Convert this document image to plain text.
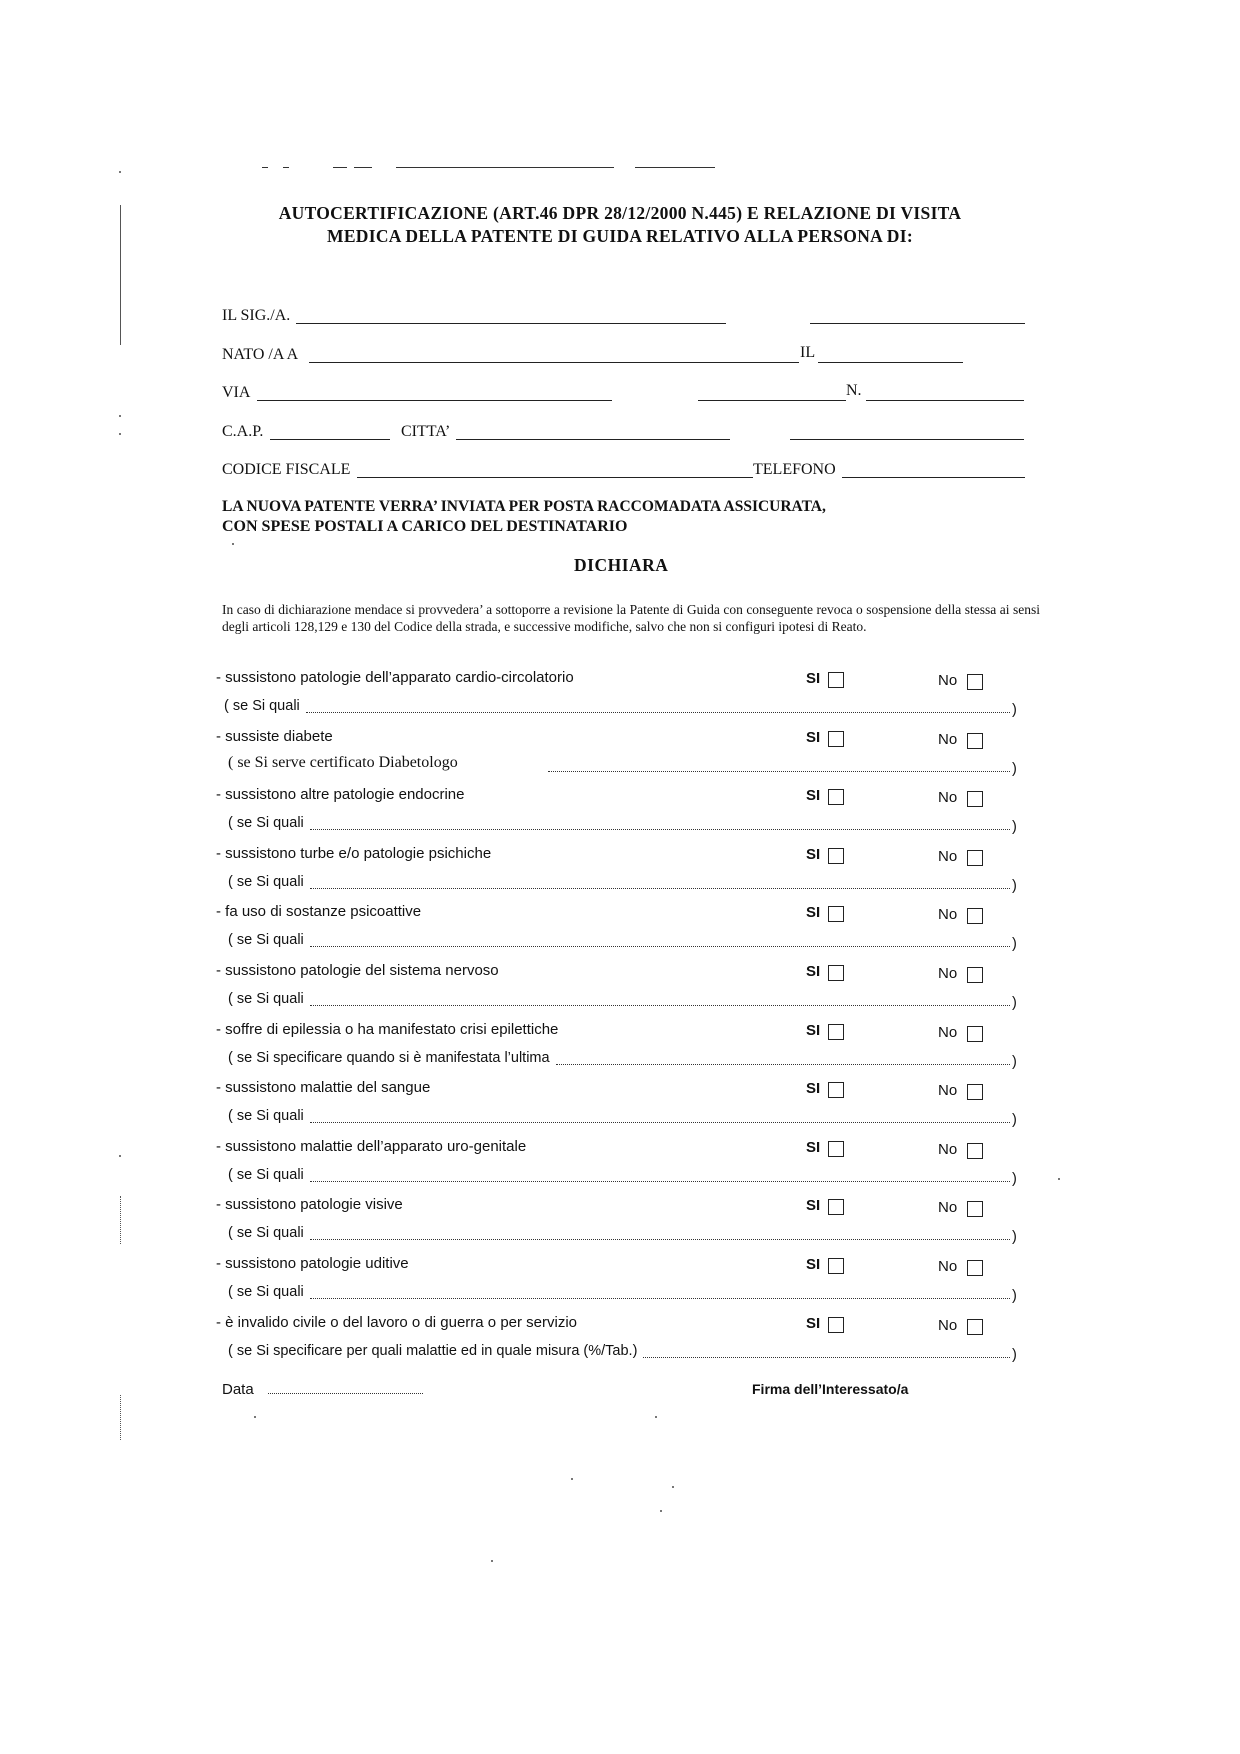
AUTOCERTIFICAZIONE (ART.46 DPR 28/12/2000 N.445) E RELAZIONE DI VISITA
MEDICA DELLA PATENTE DI GUIDA RELATIVO ALLA PERSONA DI:
IL SIG./A.
NATO /A A	IL
VIA	N.
C.A.P.	CITTA’
CODICE FISCALE	TELEFONO
LA NUOVA PATENTE VERRA’ INVIATA PER POSTA RACCOMADATA ASSICURATA,
CON SPESE POSTALI A CARICO DEL DESTINATARIO
DICHIARA
In caso di dichiarazione mendace si provvedera’ a sottoporre a revisione la Patente di Guida con conseguente revoca o sospensione della stessa ai sensi degli articoli 128,129 e 130 del Codice della strada, e successive modifiche, salvo che non si configuri ipotesi di Reato.
- sussistono patologie dell’apparato cardio-circolatorio	SI	No
( se Si quali	)
- sussiste diabete	SI	No
( se Si serve certificato Diabetologo	)
- sussistono altre patologie endocrine	SI	No
( se Si quali	)
- sussistono turbe e/o patologie psichiche	SI	No
( se Si quali	)
- fa uso di sostanze psicoattive	SI	No
( se Si quali	)
- sussistono patologie del sistema nervoso	SI	No
( se Si quali	)
- soffre di epilessia o ha manifestato crisi epilettiche	SI	No
( se Si specificare quando si è manifestata l’ultima	)
- sussistono malattie del sangue	SI	No
( se Si quali	)
- sussistono malattie dell’apparato uro-genitale	SI	No
( se Si quali	)
- sussistono patologie visive	SI	No
( se Si quali	)
- sussistono patologie uditive	SI	No
( se Si quali	)
- è invalido civile o del lavoro o di guerra o per servizio	SI	No
( se Si specificare per quali malattie ed in quale misura (%/Tab.)	)
Data	Firma dell’Interessato/a
